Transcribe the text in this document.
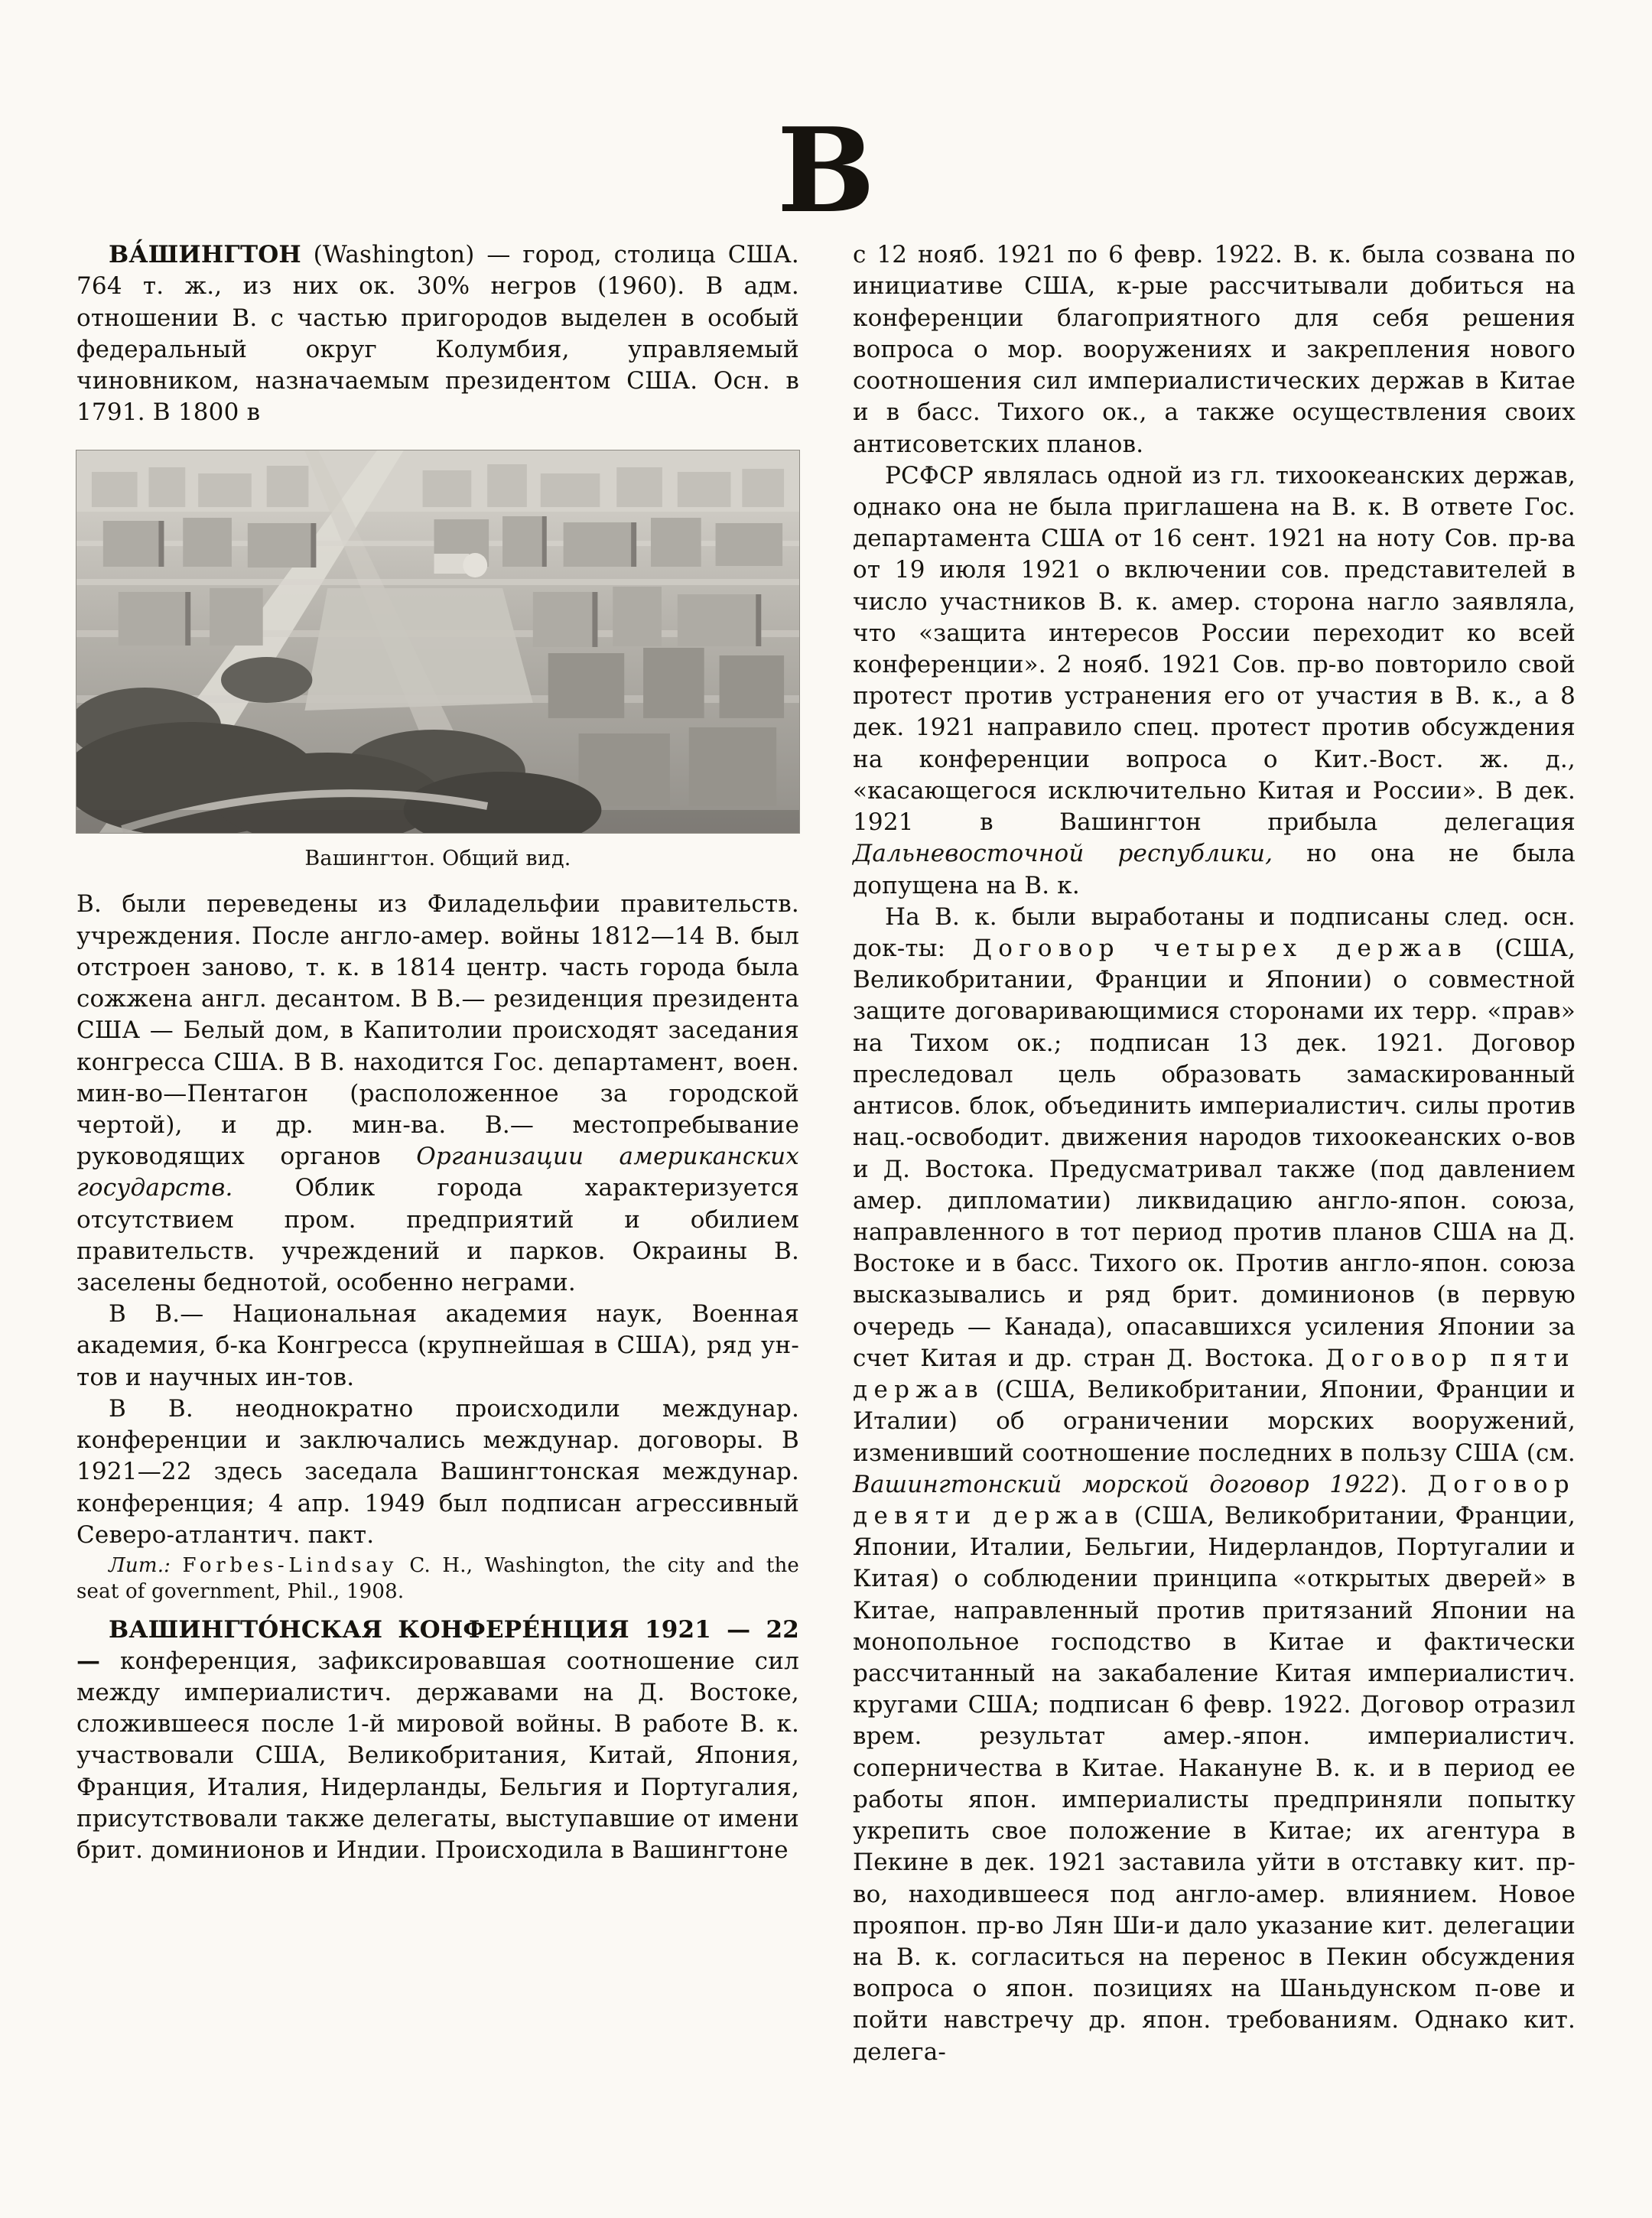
В

ВА́ШИНГТОН (Washington) — город, столица США. 764 т. ж., из них ок. 30% негров (1960). В адм. отношении В. с частью пригородов выделен в особый федеральный округ Колумбия, управляемый чиновником, назначаемым президентом США. Осн. в 1791. В 1800 в

Вашингтон. Общий вид.

В. были переведены из Филадельфии правительств. учреждения. После англо-амер. войны 1812—14 В. был отстроен заново, т. к. в 1814 центр. часть города была сожжена англ. десантом. В В.— резиденция президента США — Белый дом, в Капитолии происходят заседания конгресса США. В В. находится Гос. департамент, воен. мин-во—Пентагон (расположенное за городской чертой), и др. мин-ва. В.— местопребывание руководящих органов Организации американских государств. Облик города характеризуется отсутствием пром. предприятий и обилием правительств. учреждений и парков. Окраины В. заселены беднотой, особенно неграми.

В В.— Национальная академия наук, Военная академия, б-ка Конгресса (крупнейшая в США), ряд ун-тов и научных ин-тов.

В В. неоднократно происходили междунар. конференции и заключались междунар. договоры. В 1921—22 здесь заседала Вашингтонская междунар. конференция; 4 апр. 1949 был подписан агрессивный Северо-атлантич. пакт.

Лит.: Forbes-Lindsay C. H., Washington, the city and the seat of government, Phil., 1908.

ВАШИНГТО́НСКАЯ КОНФЕРЕ́НЦИЯ 1921 — 22 — конференция, зафиксировавшая соотношение сил между империалистич. державами на Д. Востоке, сложившееся после 1-й мировой войны. В работе В. к. участвовали США, Великобритания, Китай, Япония, Франция, Италия, Нидерланды, Бельгия и Португалия, присутствовали также делегаты, выступавшие от имени брит. доминионов и Индии. Происходила в Вашингтоне

с 12 нояб. 1921 по 6 февр. 1922. В. к. была созвана по инициативе США, к-рые рассчитывали добиться на конференции благоприятного для себя решения вопроса о мор. вооружениях и закрепления нового соотношения сил империалистических держав в Китае и в басс. Тихого ок., а также осуществления своих антисоветских планов.

РСФСР являлась одной из гл. тихоокеанских держав, однако она не была приглашена на В. к. В ответе Гос. департамента США от 16 сент. 1921 на ноту Сов. пр-ва от 19 июля 1921 о включении сов. представителей в число участников В. к. амер. сторона нагло заявляла, что «защита интересов России переходит ко всей конференции». 2 нояб. 1921 Сов. пр-во повторило свой протест против устранения его от участия в В. к., а 8 дек. 1921 направило спец. протест против обсуждения на конференции вопроса о Кит.-Вост. ж. д., «касающегося исключительно Китая и России». В дек. 1921 в Вашингтон прибыла делегация Дальневосточной республики, но она не была допущена на В. к.

На В. к. были выработаны и подписаны след. осн. док-ты: Договор четырех держав (США, Великобритании, Франции и Японии) о совместной защите договаривающимися сторонами их терр. «прав» на Тихом ок.; подписан 13 дек. 1921. Договор преследовал цель образовать замаскированный антисов. блок, объединить империалистич. силы против нац.-освободит. движения народов тихоокеанских о-вов и Д. Востока. Предусматривал также (под давлением амер. дипломатии) ликвидацию англо-япон. союза, направленного в тот период против планов США на Д. Востоке и в басс. Тихого ок. Против англо-япон. союза высказывались и ряд брит. доминионов (в первую очередь — Канада), опасавшихся усиления Японии за счет Китая и др. стран Д. Востока. Договор пяти держав (США, Великобритании, Японии, Франции и Италии) об ограничении морских вооружений, изменивший соотношение последних в пользу США (см. Вашингтонский морской договор 1922). Договор девяти держав (США, Великобритании, Франции, Японии, Италии, Бельгии, Нидерландов, Португалии и Китая) о соблюдении принципа «открытых дверей» в Китае, направленный против притязаний Японии на монопольное господство в Китае и фактически рассчитанный на закабаление Китая империалистич. кругами США; подписан 6 февр. 1922. Договор отразил врем. результат амер.-япон. империалистич. соперничества в Китае. Накануне В. к. и в период ее работы япон. империалисты предприняли попытку укрепить свое положение в Китае; их агентура в Пекине в дек. 1921 заставила уйти в отставку кит. пр-во, находившееся под англо-амер. влиянием. Новое прояпон. пр-во Лян Ши-и дало указание кит. делегации на В. к. согласиться на перенос в Пекин обсуждения вопроса о япон. позициях на Шаньдунском п-ове и пойти навстречу др. япон. требованиям. Однако кит. делега-
